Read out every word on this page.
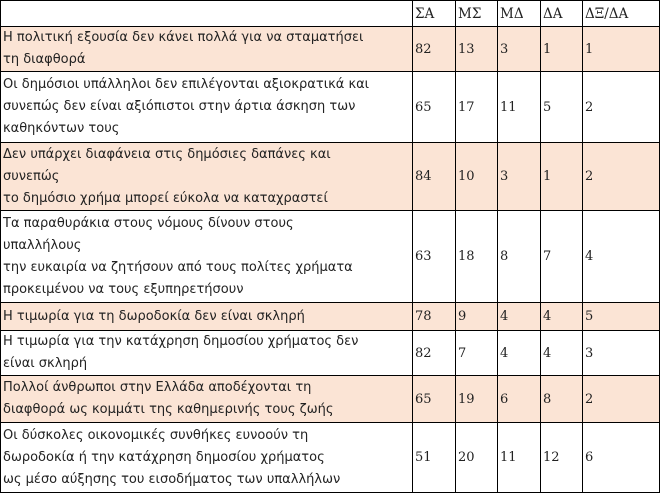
	ΣΑ	ΜΣ	ΜΔ	ΔΑ	ΔΞ/ΔΑ
Η πολιτική εξουσία δεν κάνει πολλά για να σταματήσει
τη διαφθορά	82	13	3	1	1
Οι δημόσιοι υπάλληλοι δεν επιλέγονται αξιοκρατικά και
συνεπώς δεν είναι αξιόπιστοι στην άρτια άσκηση των
καθηκόντων τους	65	17	11	5	2
Δεν υπάρχει διαφάνεια στις δημόσιες δαπάνες και
συνεπώς
το δημόσιο χρήμα μπορεί εύκολα να καταχραστεί	84	10	3	1	2
Τα παραθυράκια στους νόμους δίνουν στους
υπαλλήλους
την ευκαιρία να ζητήσουν από τους πολίτες χρήματα
προκειμένου να τους εξυπηρετήσουν	63	18	8	7	4
Η τιμωρία για τη δωροδοκία δεν είναι σκληρή	78	9	4	4	5
Η τιμωρία για την κατάχρηση δημοσίου χρήματος δεν
είναι σκληρή	82	7	4	4	3
Πολλοί άνθρωποι στην Ελλάδα αποδέχονται τη
διαφθορά ως κομμάτι της καθημερινής τους ζωής	65	19	6	8	2
Οι δύσκολες οικονομικές συνθήκες ευνοούν τη
δωροδοκία ή την κατάχρηση δημοσίου χρήματος
ως μέσο αύξησης του εισοδήματος των υπαλλήλων	51	20	11	12	6
